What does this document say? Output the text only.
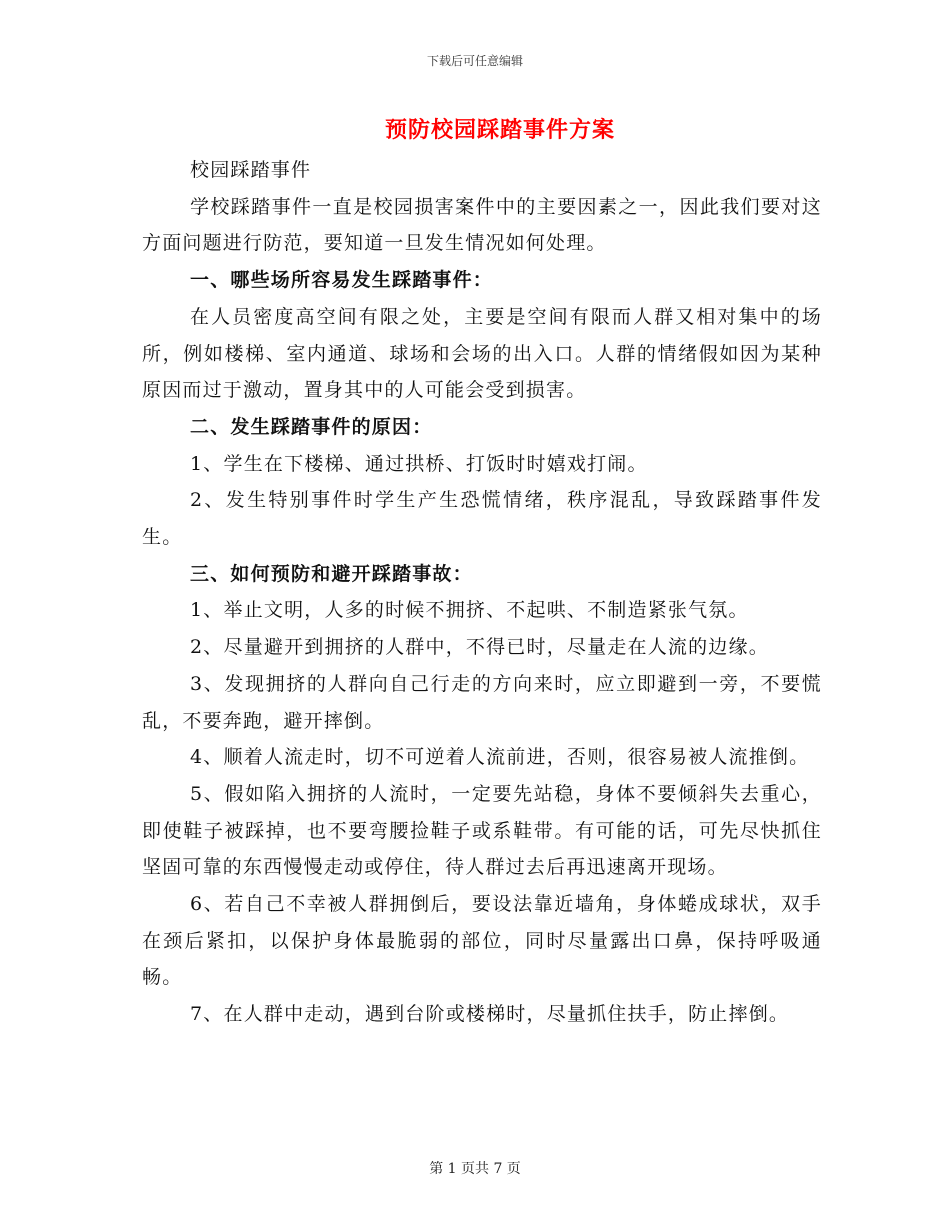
下载后可任意编辑
预防校园踩踏事件方案

校园踩踏事件

学校踩踏事件一直是校园损害案件中的主要因素之一，因此我们要对这方面问题进行防范，要知道一旦发生情况如何处理。

一、哪些场所容易发生踩踏事件：

在人员密度高空间有限之处，主要是空间有限而人群又相对集中的场所，例如楼梯、室内通道、球场和会场的出入口。人群的情绪假如因为某种原因而过于激动，置身其中的人可能会受到损害。

二、发生踩踏事件的原因：

1、学生在下楼梯、通过拱桥、打饭时时嬉戏打闹。

2、发生特别事件时学生产生恐慌情绪，秩序混乱，导致踩踏事件发生。

三、如何预防和避开踩踏事故：

1、举止文明，人多的时候不拥挤、不起哄、不制造紧张气氛。

2、尽量避开到拥挤的人群中，不得已时，尽量走在人流的边缘。

3、发现拥挤的人群向自己行走的方向来时，应立即避到一旁，不要慌乱，不要奔跑，避开摔倒。

4、顺着人流走时，切不可逆着人流前进，否则，很容易被人流推倒。

5、假如陷入拥挤的人流时，一定要先站稳，身体不要倾斜失去重心，即使鞋子被踩掉，也不要弯腰捡鞋子或系鞋带。有可能的话，可先尽快抓住坚固可靠的东西慢慢走动或停住，待人群过去后再迅速离开现场。

6、若自己不幸被人群拥倒后，要设法靠近墙角，身体蜷成球状，双手在颈后紧扣，以保护身体最脆弱的部位，同时尽量露出口鼻，保持呼吸通畅。

7、在人群中走动，遇到台阶或楼梯时，尽量抓住扶手，防止摔倒。

第 1 页共 7 页
